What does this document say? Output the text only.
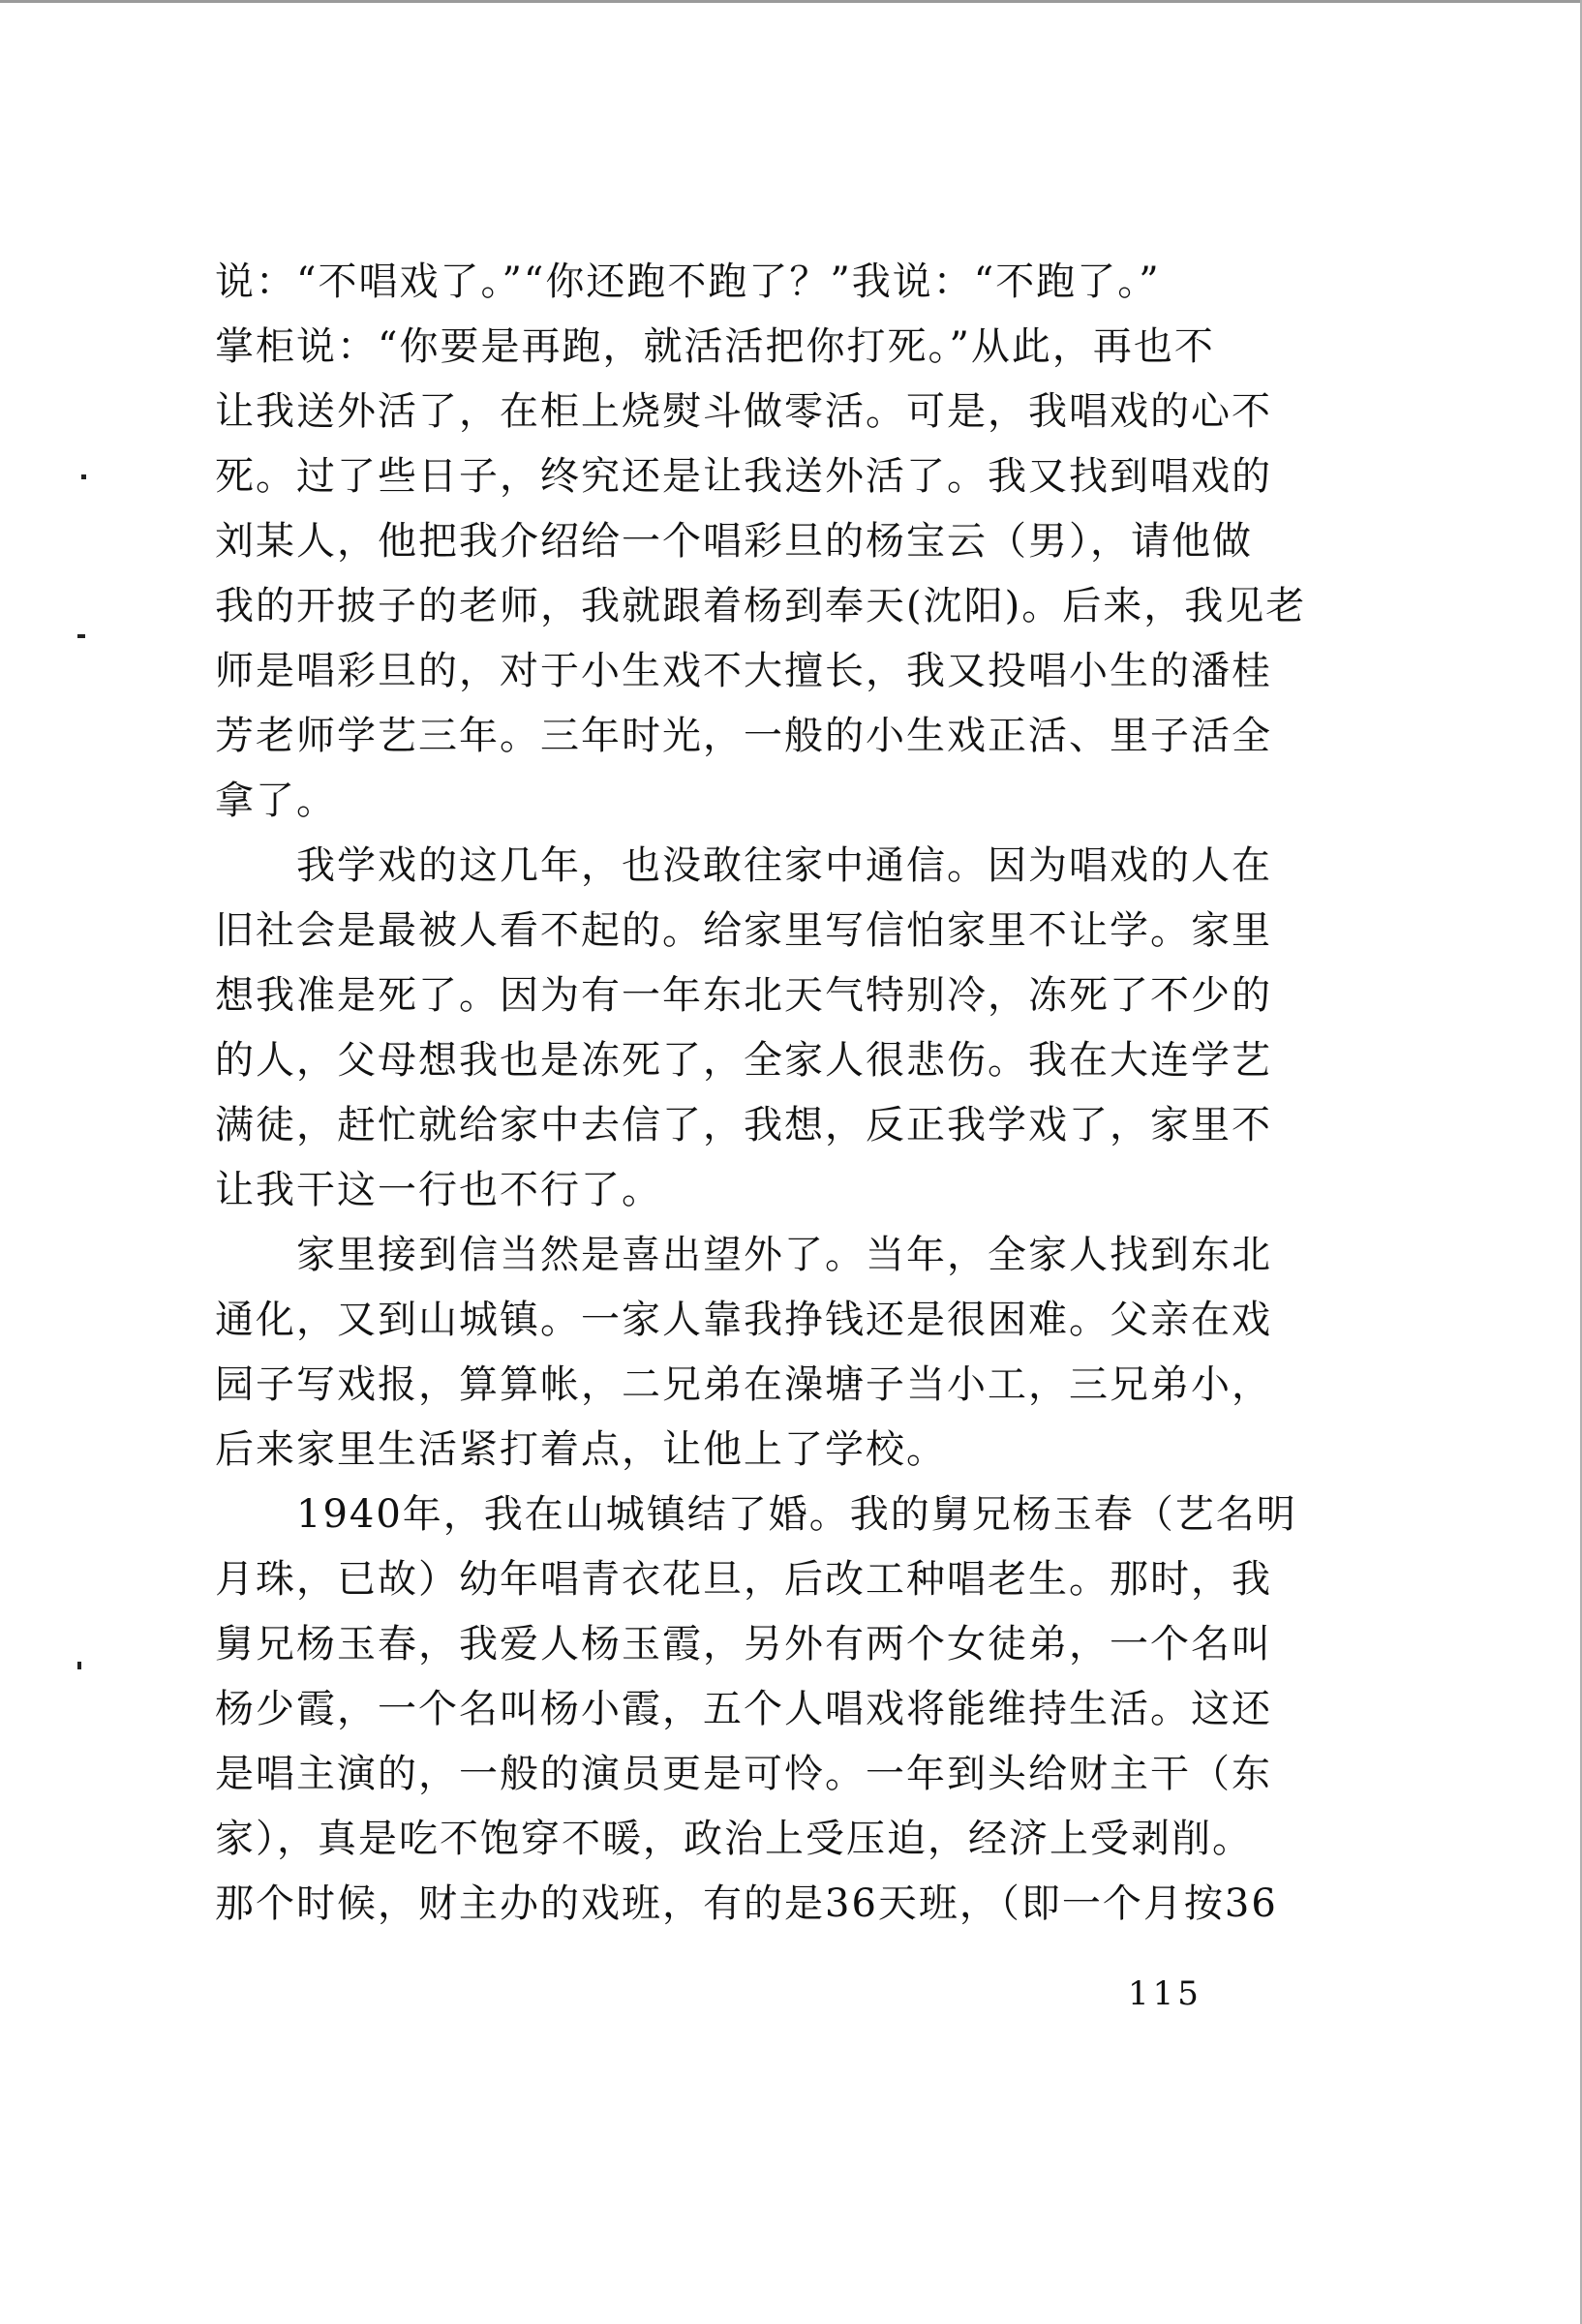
说：“不唱戏了。”“你还跑不跑了？”我说：“不跑了。”
掌柜说：“你要是再跑，就活活把你打死。”从此，再也不
让我送外活了，在柜上烧熨斗做零活。可是，我唱戏的心不
死。过了些日子，终究还是让我送外活了。我又找到唱戏的
刘某人，他把我介绍给一个唱彩旦的杨宝云（男），请他做
我的开披子的老师，我就跟着杨到奉天(沈阳)。后来，我见老
师是唱彩旦的，对于小生戏不大擅长，我又投唱小生的潘桂
芳老师学艺三年。三年时光，一般的小生戏正活、里子活全
拿了。
　　我学戏的这几年，也没敢往家中通信。因为唱戏的人在
旧社会是最被人看不起的。给家里写信怕家里不让学。家里
想我准是死了。因为有一年东北天气特别冷，冻死了不少的
的人，父母想我也是冻死了，全家人很悲伤。我在大连学艺
满徒，赶忙就给家中去信了，我想，反正我学戏了，家里不
让我干这一行也不行了。
　　家里接到信当然是喜出望外了。当年，全家人找到东北
通化，又到山城镇。一家人靠我挣钱还是很困难。父亲在戏
园子写戏报，算算帐，二兄弟在澡塘子当小工，三兄弟小，
后来家里生活紧打着点，让他上了学校。
　　1940年，我在山城镇结了婚。我的舅兄杨玉春（艺名明
月珠，已故）幼年唱青衣花旦，后改工种唱老生。那时，我
舅兄杨玉春，我爱人杨玉霞，另外有两个女徒弟，一个名叫
杨少霞，一个名叫杨小霞，五个人唱戏将能维持生活。这还
是唱主演的，一般的演员更是可怜。一年到头给财主干（东
家），真是吃不饱穿不暖，政治上受压迫，经济上受剥削。
那个时候，财主办的戏班，有的是36天班，（即一个月按36
115
